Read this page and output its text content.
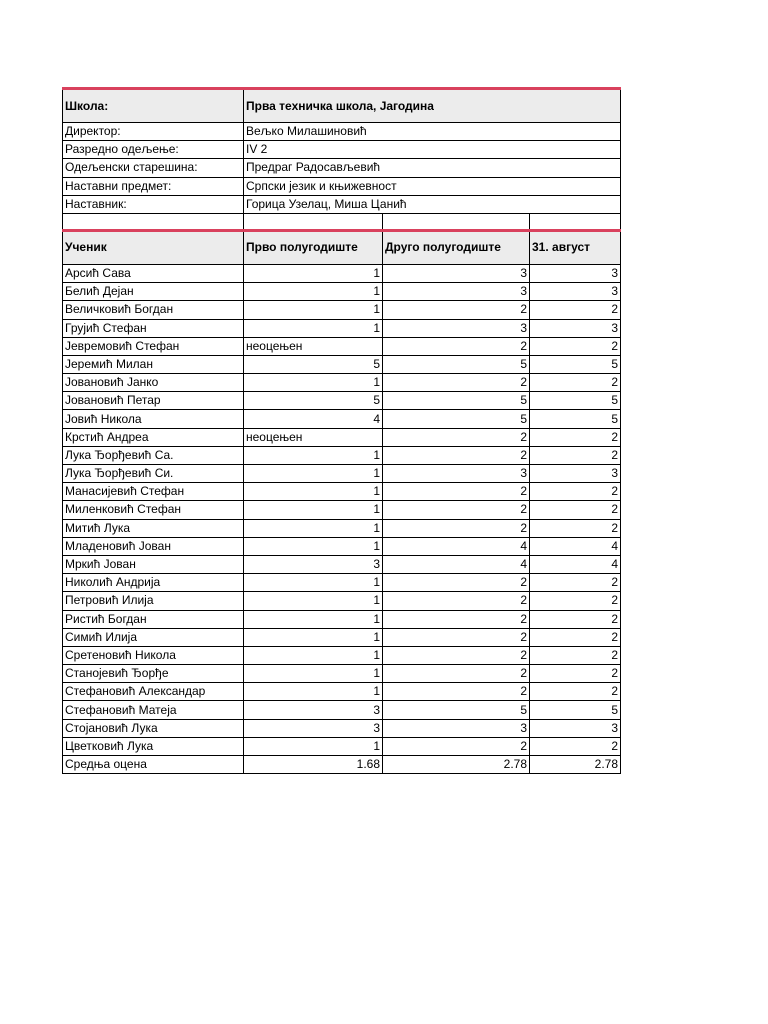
Школа:	Прва техничка школа, Јагодина		
Директор:	Вељко Милашиновић		
Разредно одељење:	IV 2		
Одељенски старешина:	Предраг Радосављевић		
Наставни предмет:	Српски језик и књижевност		
Наставник:	Горица Узелац, Миша Цанић		

Ученик	Прво полугодиште	Друго полугодиште	31. август
Арсић Сава	1	3	3
Белић Дејан	1	3	3
Величковић Богдан	1	2	2
Грујић Стефан	1	3	3
Јевремовић Стефан	неоцењен	2	2
Јеремић Милан	5	5	5
Јовановић Јанко	1	2	2
Јовановић Петар	5	5	5
Јовић Никола	4	5	5
Крстић Андреа	неоцењен	2	2
Лука Ђорђевић Са.	1	2	2
Лука Ђорђевић Си.	1	3	3
Манасијевић Стефан	1	2	2
Миленковић Стефан	1	2	2
Митић Лука	1	2	2
Младеновић Јован	1	4	4
Мркић Јован	3	4	4
Николић Андрија	1	2	2
Петровић Илија	1	2	2
Ристић Богдан	1	2	2
Симић Илија	1	2	2
Сретеновић Никола	1	2	2
Станојевић Ђорђе	1	2	2
Стефановић Александар	1	2	2
Стефановић Матеја	3	5	5
Стојановић Лука	3	3	3
Цветковић Лука	1	2	2
Средња оцена	1.68	2.78	2.78
